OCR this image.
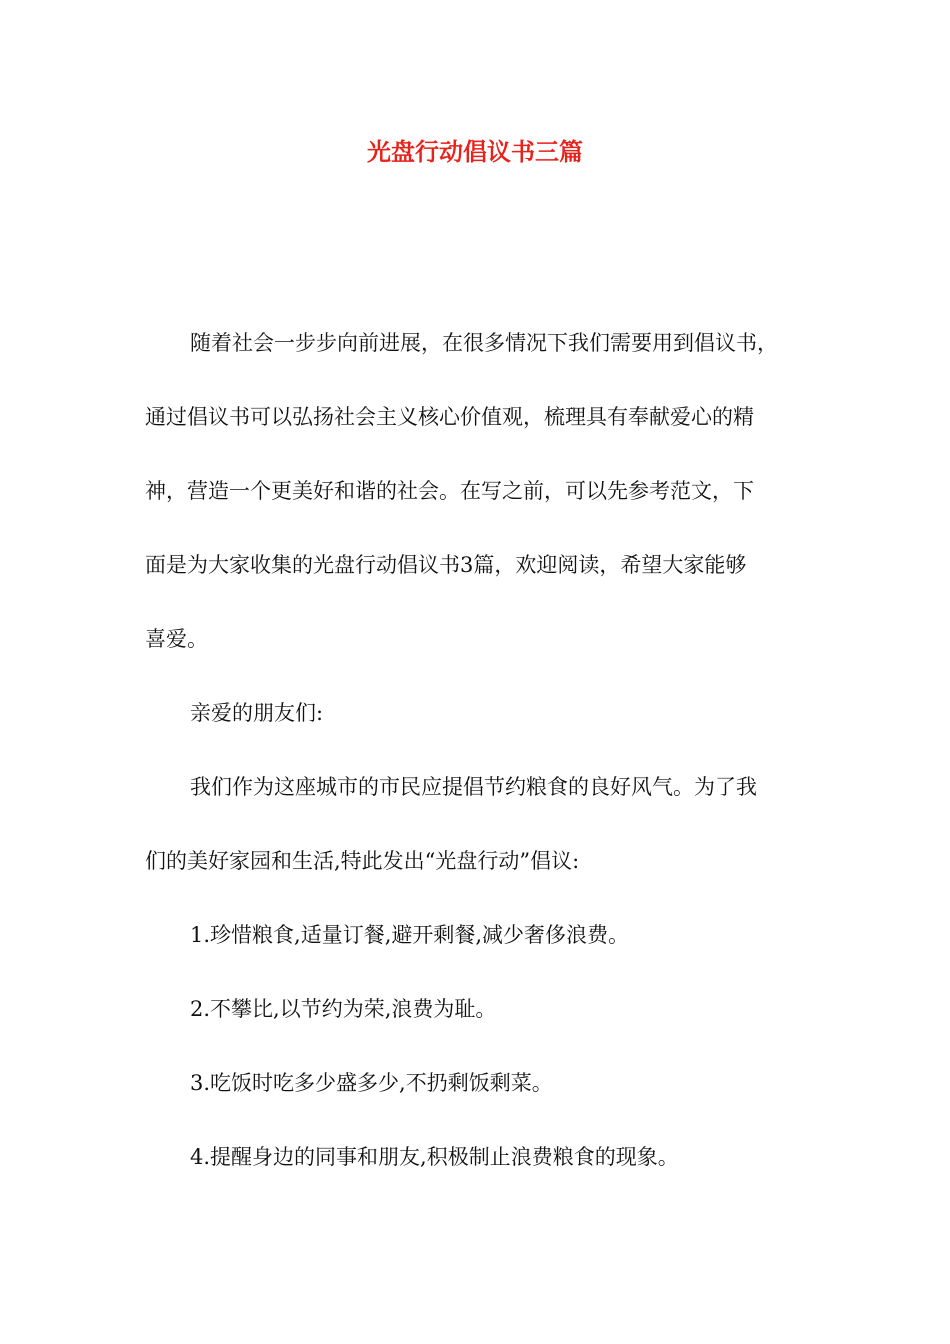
光盘行动倡议书三篇
随着社会一步步向前进展，在很多情况下我们需要用到倡议书，
通过倡议书可以弘扬社会主义核心价值观，梳理具有奉献爱心的精
神，营造一个更美好和谐的社会。在写之前，可以先参考范文，下
面是为大家收集的光盘行动倡议书3篇，欢迎阅读，希望大家能够
喜爱。
亲爱的朋友们:
我们作为这座城市的市民应提倡节约粮食的良好风气。为了我
们的美好家园和生活,特此发出“光盘行动”倡议:
1.珍惜粮食,适量订餐,避开剩餐,减少奢侈浪费。
2.不攀比,以节约为荣,浪费为耻。
3.吃饭时吃多少盛多少,不扔剩饭剩菜。
4.提醒身边的同事和朋友,积极制止浪费粮食的现象。
